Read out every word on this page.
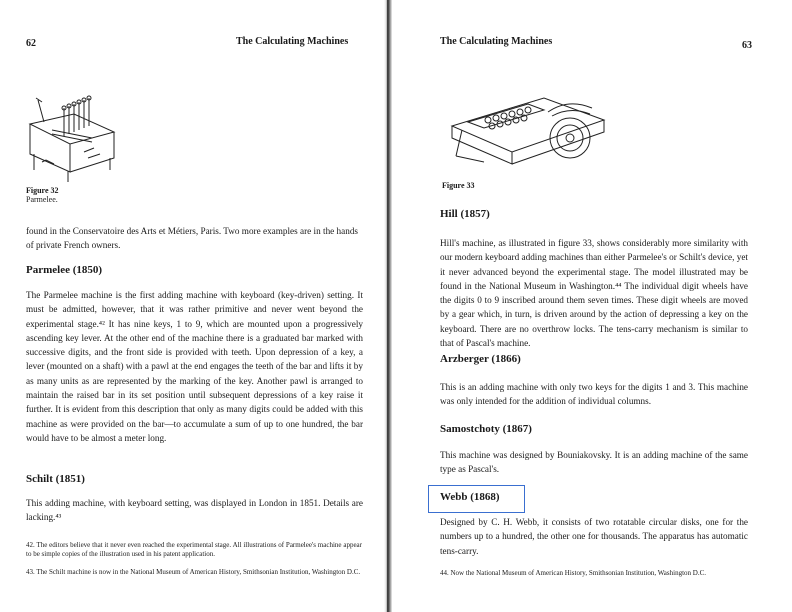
62	The Calculating Machines
Figure 32
Parmelee.
found in the Conservatoire des Arts et Métiers, Paris. Two more examples are in the hands of private French owners.
Parmelee (1850)
The Parmelee machine is the first adding machine with keyboard (key-driven) setting. It must be admitted, however, that it was rather primitive and never went beyond the experimental stage.⁴² It has nine keys, 1 to 9, which are mounted upon a progressively ascending key lever. At the other end of the machine there is a graduated bar marked with successive digits, and the front side is provided with teeth. Upon depression of a key, a lever (mounted on a shaft) with a pawl at the end engages the teeth of the bar and lifts it by as many units as are represented by the marking of the key. Another pawl is arranged to maintain the raised bar in its set position until subsequent depressions of a key raise it further. It is evident from this description that only as many digits could be added with this machine as were provided on the bar—to accumulate a sum of up to one hundred, the bar would have to be almost a meter long.
Schilt (1851)
This adding machine, with keyboard setting, was displayed in London in 1851. Details are lacking.⁴³
42. The editors believe that it never even reached the experimental stage. All illustrations of Parmelee's machine appear to be simple copies of the illustration used in his patent application.
43. The Schilt machine is now in the National Museum of American History, Smithsonian Institution, Washington D.C.
The Calculating Machines	63
Figure 33
Hill (1857)
Hill's machine, as illustrated in figure 33, shows considerably more similarity with our modern keyboard adding machines than either Parmelee's or Schilt's device, yet it never advanced beyond the experimental stage. The model illustrated may be found in the National Museum in Washington.⁴⁴ The individual digit wheels have the digits 0 to 9 inscribed around them seven times. These digit wheels are moved by a gear which, in turn, is driven around by the action of depressing a key on the keyboard. There are no overthrow locks. The tens-carry mechanism is similar to that of Pascal's machine.
Arzberger (1866)
This is an adding machine with only two keys for the digits 1 and 3. This machine was only intended for the addition of individual columns.
Samostchoty (1867)
This machine was designed by Bouniakovsky. It is an adding machine of the same type as Pascal's.
Webb (1868)
Designed by C. H. Webb, it consists of two rotatable circular disks, one for the numbers up to a hundred, the other one for thousands. The apparatus has automatic tens-carry.
44. Now the National Museum of American History, Smithsonian Institution, Washington D.C.
